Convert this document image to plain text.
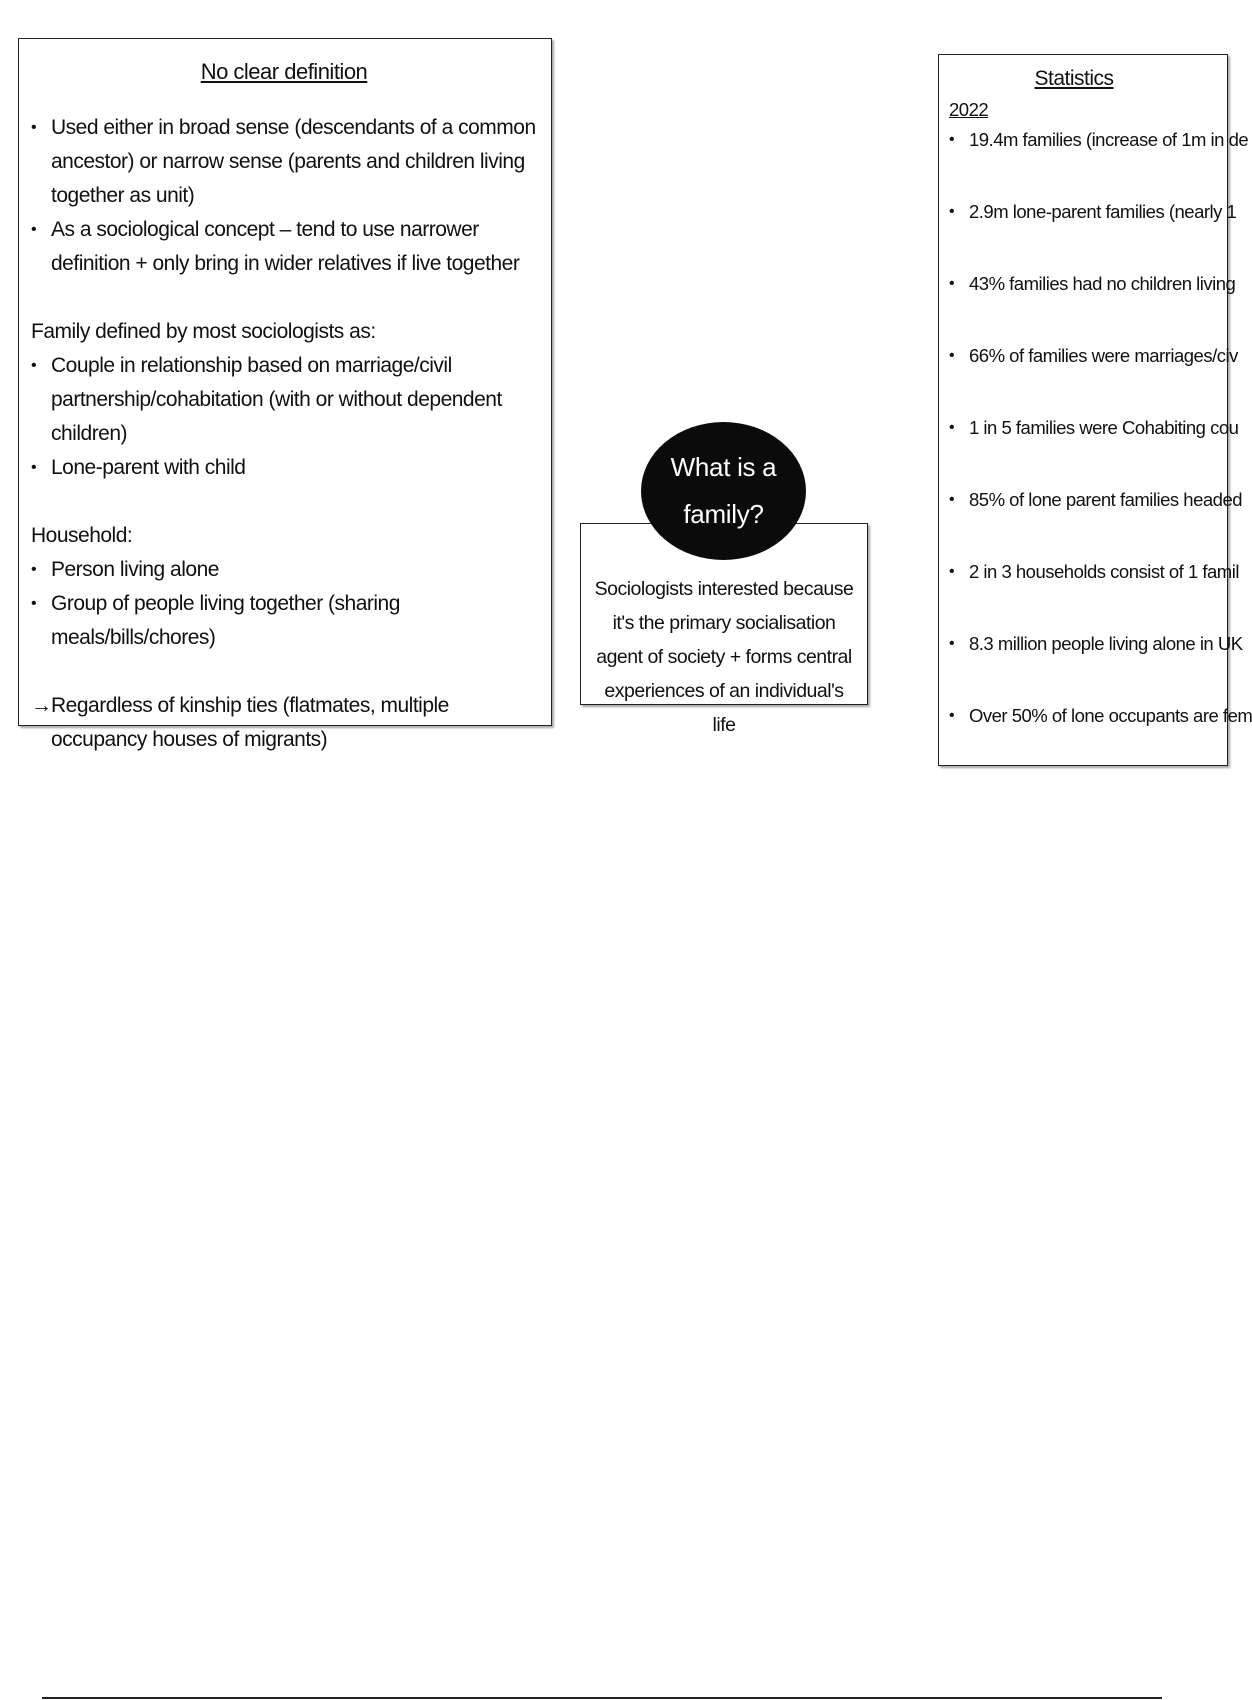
No clear definition
• Used either in broad sense (descendants of a common ancestor) or narrow sense (parents and children living together as unit)
• As a sociological concept – tend to use narrower definition + only bring in wider relatives if live together

Family defined by most sociologists as:

• Couple in relationship based on marriage/civil partnership/cohabitation (with or without dependent children)
• Lone-parent with child

Household:

• Person living alone
• Group of people living together (sharing meals/bills/chores)
→ Regardless of kinship ties (flatmates, multiple occupancy houses of migrants)
Sociologists interested because it's the primary socialisation agent of society + forms central experiences of an individual's life
What is a family?
Statistics

2022

• 19.4m families (increase of 1m in de
• 2.9m lone-parent families (nearly 1
• 43% families had no children living
• 66% of families were marriages/civ
• 1 in 5 families were Cohabiting cou
• 85% of lone parent families headed
• 2 in 3 households consist of 1 famil
• 8.3 million people living alone in UK
• Over 50% of lone occupants are fem
